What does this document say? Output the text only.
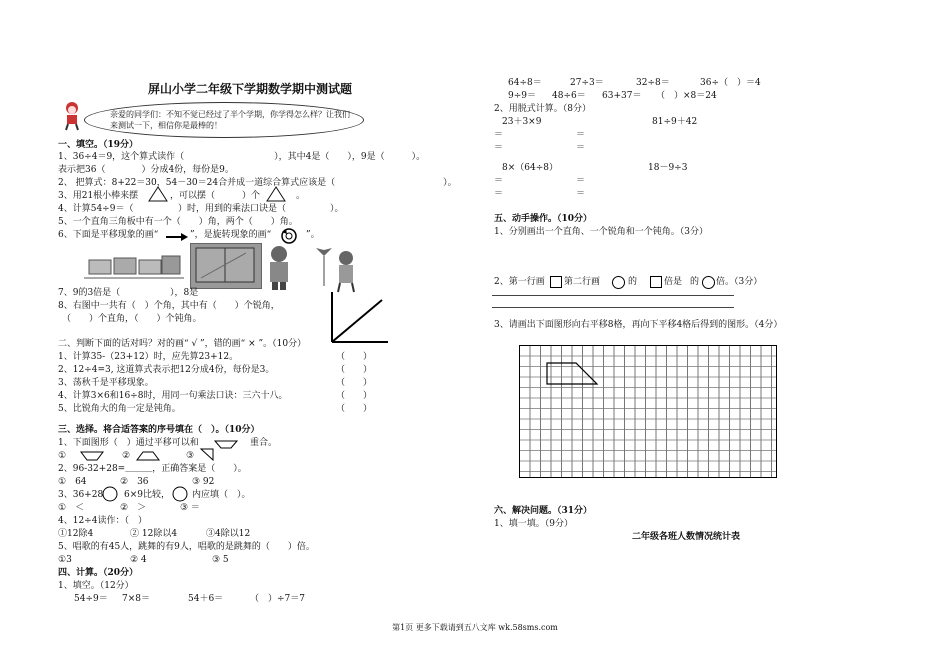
屏山小学二年级下学期数学期中测试题
亲爱的同学们：不知不觉已经过了半个学期，你学得怎么样？让我们来测试一下，相信你是最棒的！
一、填空。（19分）
1、36÷4＝9，这个算式读作（　　　　　　　　　　），其中4是（　　），9是（　　　）。
表示把36（　　　　）分成4份，每份是9。
2、 把算式：8+22＝30，54－30＝24合并成一道综合算式应该是（　　　　　　　　　　　　）。
3、用21根小棒来摆	，可以摆（　　　）个	。
4、计算54÷9＝（	）时，用到的乘法口诀是（	）。
5、一个直角三角板中有一个（　　）角，两个（　　）角。
6、下面是平移现象的画“	”，是旋转现象的画“	”。
7、9的3倍是（	），8是
8、右图中一共有（　）个角，其中有（　　）个锐角，
（　　）个直角，（　　）个钝角。
二、判断下面的话对吗？对的画“ √ ”，错的画“ × ”。（10分）
1、计算35-（23+12）时，应先算23+12。	（　　）
2、12÷4=3, 这道算式表示把12分成4份，每份是3。	（　　）
3、荡秋千是平移现象。	（　　）
4、计算3×6和16÷8时，用同一句乘法口诀：三六十八。	（　　）
5、比锐角大的角一定是钝角。	（　　）
三、选择。将合适答案的序号填在（　）。（10分）
1、下面图形（　）通过平移可以和	重合。
①	②	③
2、96-32+28=＿＿＿，正确答案是（　　）。
①　64	②　36	③ 92
3、36+28 6×9比较， 内应填（　）。
①　＜	②　＞	③ ＝
4、12÷4读作：（　）
①12除4	② 12除以4	③4除以12
5、唱歌的有45人，跳舞的有9人，唱歌的是跳舞的（　　）倍。
①3	② 4	③ 5
四、计算。（20分）
1、填空。（12分）
54÷9＝ 7×8＝	54＋6＝	（　）÷7＝7
64÷8＝	27÷3＝	32÷8＝	36÷（　）＝4
9÷9＝ 48÷6＝ 63+37＝ （　）×8＝24
2、用脱式计算。（8分）
23＋3×9	81÷9＋42
＝	＝
＝	＝
8×（64÷8）	18－9÷3
＝	＝
＝	＝
五、动手操作。（10分）
1、分别画出一个直角、一个锐角和一个钝角。（3分）
2、第一行画 第二行画	的	倍是 的 倍。（3分）
3、请画出下面图形向右平移8格，再向下平移4格后得到的图形。（4分）
六、解决问题。（31分）
1、填一填。（9分）
二年级各班人数情况统计表
第1页 更多下载请到五八文库 wk.58sms.com
